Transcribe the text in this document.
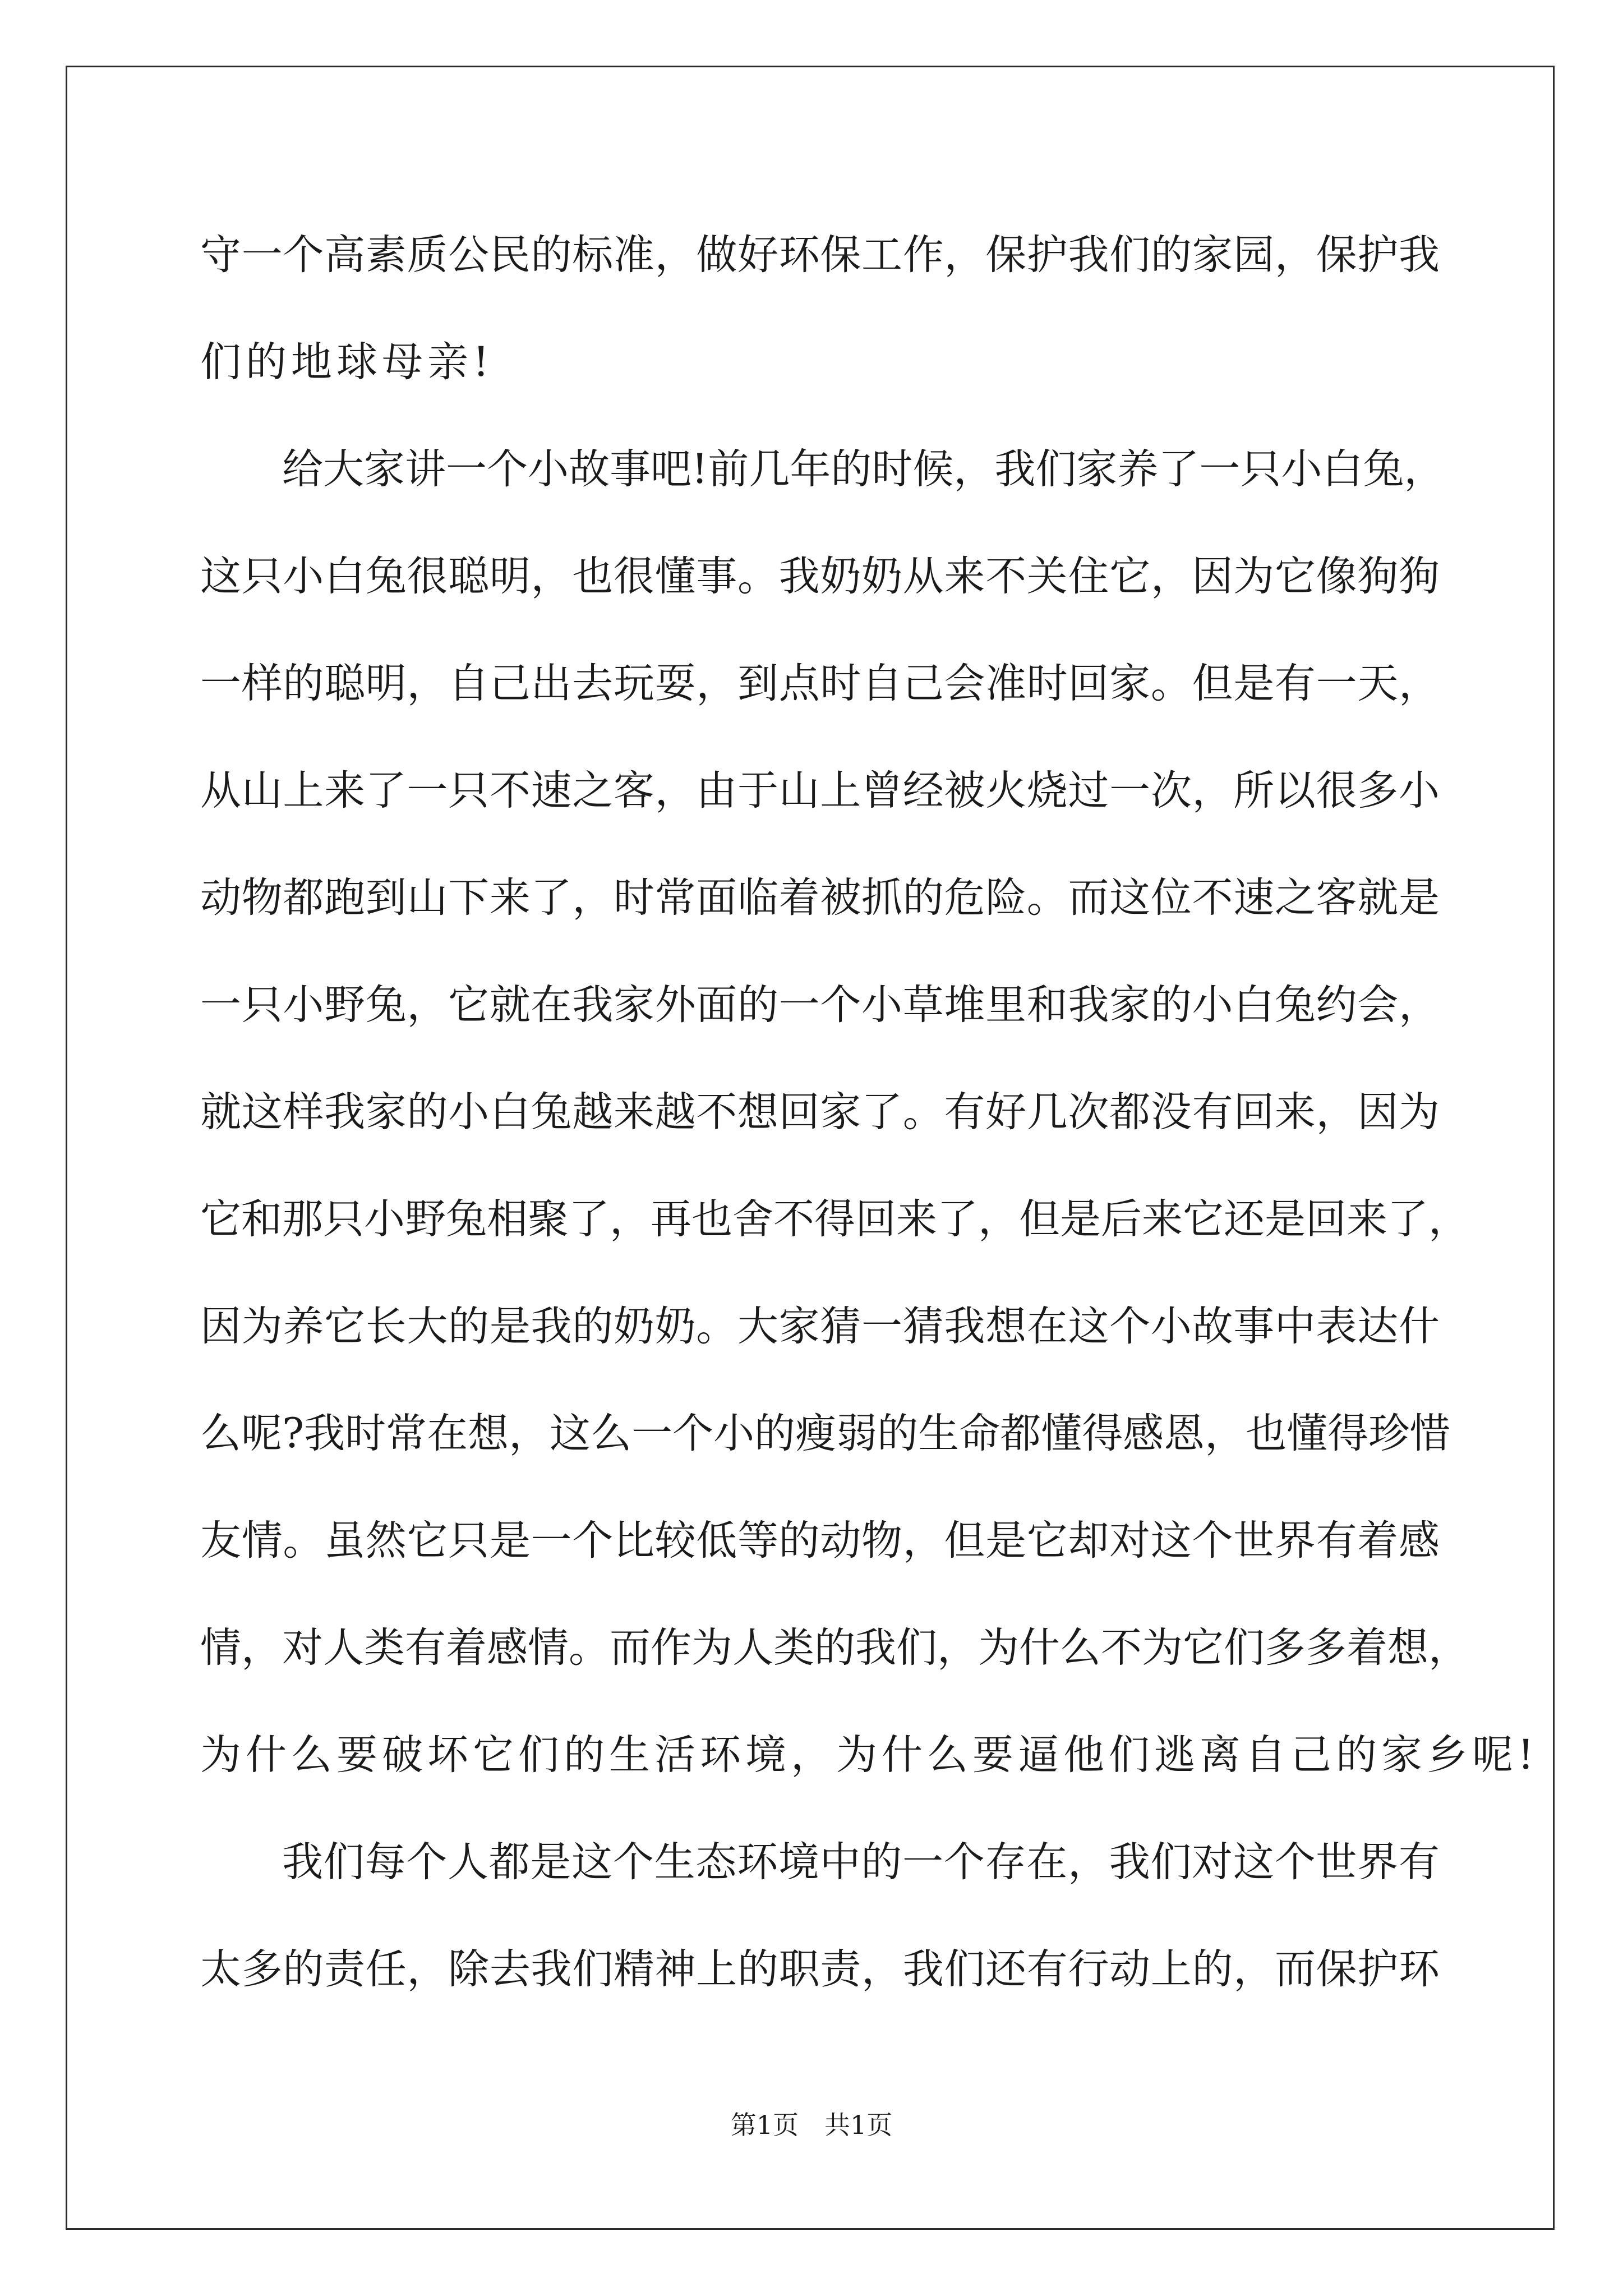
守 一 个 高 素 质 公 民 的 标 准 ， 做 好 环 保 工 作 ， 保 护 我 们 的 家 园 ， 保 护 我
们 的 地 球 母 亲 !
给 大 家 讲 一 个 小 故 事 吧 ! 前 几 年 的 时 候 ， 我 们 家 养 了 一 只 小 白 兔 ，
这 只 小 白 兔 很 聪 明 ， 也 很 懂 事 。 我 奶 奶 从 来 不 关 住 它 ， 因 为 它 像 狗 狗
一 样 的 聪 明 ， 自 己 出 去 玩 耍 ， 到 点 时 自 己 会 准 时 回 家 。 但 是 有 一 天 ，
从 山 上 来 了 一 只 不 速 之 客 ， 由 于 山 上 曾 经 被 火 烧 过 一 次 ， 所 以 很 多 小
动 物 都 跑 到 山 下 来 了 ， 时 常 面 临 着 被 抓 的 危 险 。 而 这 位 不 速 之 客 就 是
一 只 小 野 兔 ， 它 就 在 我 家 外 面 的 一 个 小 草 堆 里 和 我 家 的 小 白 兔 约 会 ，
就 这 样 我 家 的 小 白 兔 越 来 越 不 想 回 家 了 。 有 好 几 次 都 没 有 回 来 ， 因 为
它 和 那 只 小 野 兔 相 聚 了 ， 再 也 舍 不 得 回 来 了 ， 但 是 后 来 它 还 是 回 来 了 ，
因 为 养 它 长 大 的 是 我 的 奶 奶 。 大 家 猜 一 猜 我 想 在 这 个 小 故 事 中 表 达 什
么 呢 ? 我 时 常 在 想 ， 这 么 一 个 小 的 瘦 弱 的 生 命 都 懂 得 感 恩 ， 也 懂 得 珍 惜
友 情 。 虽 然 它 只 是 一 个 比 较 低 等 的 动 物 ， 但 是 它 却 对 这 个 世 界 有 着 感
情 ， 对 人 类 有 着 感 情 。 而 作 为 人 类 的 我 们 ， 为 什 么 不 为 它 们 多 多 着 想 ，
为 什 么 要 破 坏 它 们 的 生 活 环 境 ， 为 什 么 要 逼 他 们 逃 离 自 己 的 家 乡 呢 !
我 们 每 个 人 都 是 这 个 生 态 环 境 中 的 一 个 存 在 ， 我 们 对 这 个 世 界 有
太 多 的 责 任 ， 除 去 我 们 精 神 上 的 职 责 ， 我 们 还 有 行 动 上 的 ， 而 保 护 环
第1页　共1页
